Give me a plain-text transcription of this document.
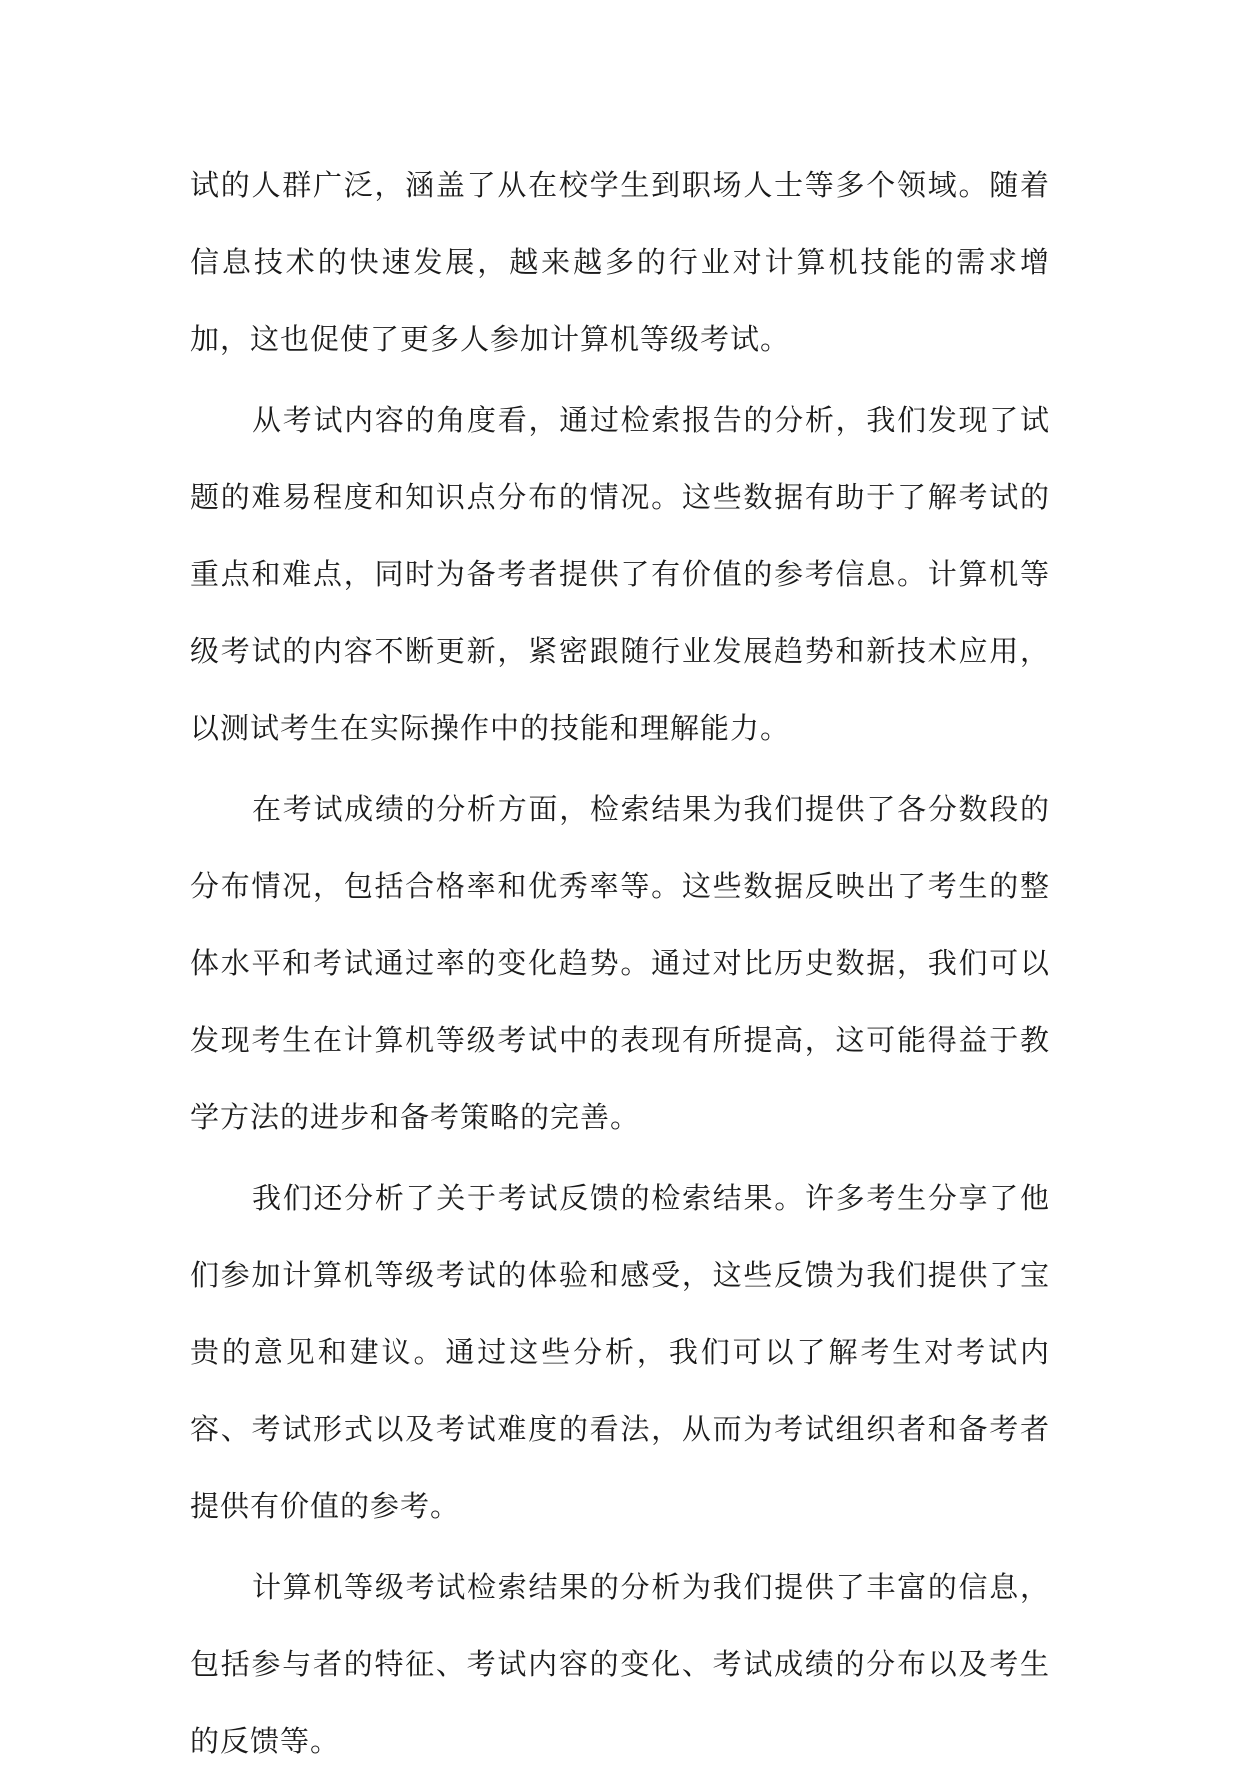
试的人群广泛，涵盖了从在校学生到职场人士等多个领域。随着信息技术的快速发展，越来越多的行业对计算机技能的需求增加，这也促使了更多人参加计算机等级考试。

从考试内容的角度看，通过检索报告的分析，我们发现了试题的难易程度和知识点分布的情况。这些数据有助于了解考试的重点和难点，同时为备考者提供了有价值的参考信息。计算机等级考试的内容不断更新，紧密跟随行业发展趋势和新技术应用，以测试考生在实际操作中的技能和理解能力。

在考试成绩的分析方面，检索结果为我们提供了各分数段的分布情况，包括合格率和优秀率等。这些数据反映出了考生的整体水平和考试通过率的变化趋势。通过对比历史数据，我们可以发现考生在计算机等级考试中的表现有所提高，这可能得益于教学方法的进步和备考策略的完善。

我们还分析了关于考试反馈的检索结果。许多考生分享了他们参加计算机等级考试的体验和感受，这些反馈为我们提供了宝贵的意见和建议。通过这些分析，我们可以了解考生对考试内容、考试形式以及考试难度的看法，从而为考试组织者和备考者提供有价值的参考。

计算机等级考试检索结果的分析为我们提供了丰富的信息，包括参与者的特征、考试内容的变化、考试成绩的分布以及考生的反馈等。
